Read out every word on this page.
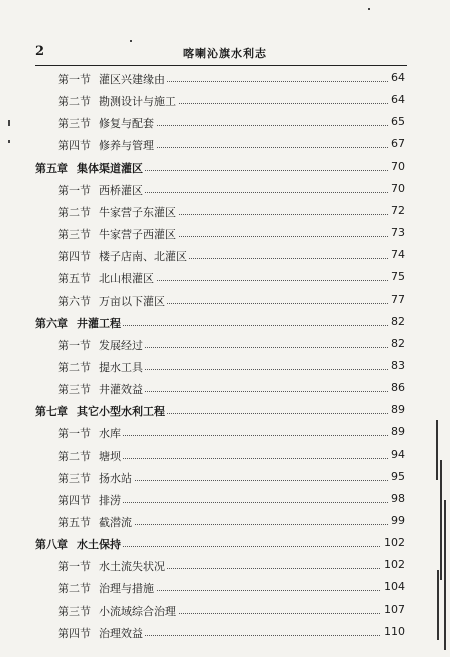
2	喀喇沁旗水利志
第一节 灌区兴建缘由	64
第二节 勘测设计与施工	64
第三节 修复与配套	65
第四节 修养与管理	67
第五章 集体渠道灌区	70
第一节 西桥灌区	70
第二节 牛家营子东灌区	72
第三节 牛家营子西灌区	73
第四节 楼子店南、北灌区	74
第五节 北山根灌区	75
第六节 万亩以下灌区	77
第六章 井灌工程	82
第一节 发展经过	82
第二节 提水工具	83
第三节 井灌效益	86
第七章 其它小型水利工程	89
第一节 水库	89
第二节 塘坝	94
第三节 扬水站	95
第四节 排涝	98
第五节 截潜流	99
第八章 水土保持	102
第一节 水土流失状况	102
第二节 治理与措施	104
第三节 小流域综合治理	107
第四节 治理效益	110
